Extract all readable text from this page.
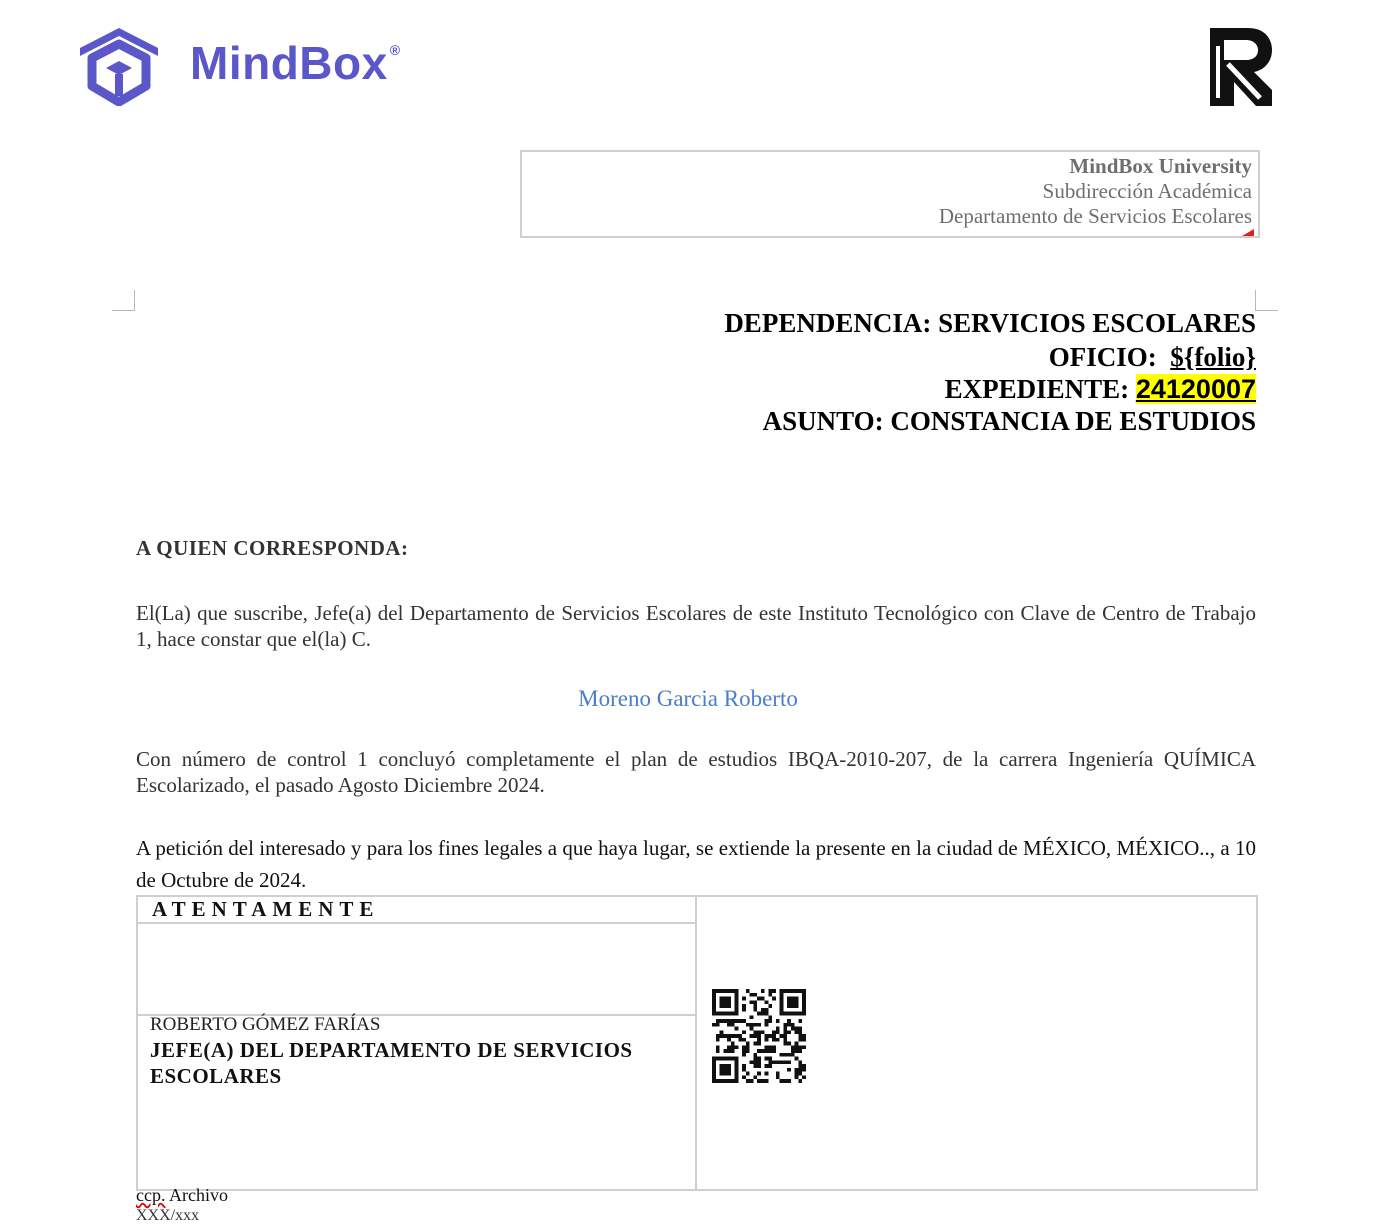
MindBox ®
MindBox University
Subdirección Académica
Departamento de Servicios Escolares
DEPENDENCIA: SERVICIOS ESCOLARES
OFICIO: ${folio}
EXPEDIENTE: 24120007
ASUNTO: CONSTANCIA DE ESTUDIOS
A QUIEN CORRESPONDA:
El(La) que suscribe, Jefe(a) del Departamento de Servicios Escolares de este Instituto Tecnológico con Clave de Centro de Trabajo 1, hace constar que el(la) C.
Moreno Garcia Roberto
Con número de control 1 concluyó completamente el plan de estudios IBQA-2010-207, de la carrera Ingeniería QUÍMICA Escolarizado, el pasado Agosto Diciembre 2024.
A petición del interesado y para los fines legales a que haya lugar, se extiende la presente en la ciudad de MÉXICO, MÉXICO.., a 10 de Octubre de 2024.
ATENTAMENTE
ROBERTO GÓMEZ FARÍAS
JEFE(A) DEL DEPARTAMENTO DE SERVICIOS ESCOLARES
ccp. Archivo
XXX/xxx
